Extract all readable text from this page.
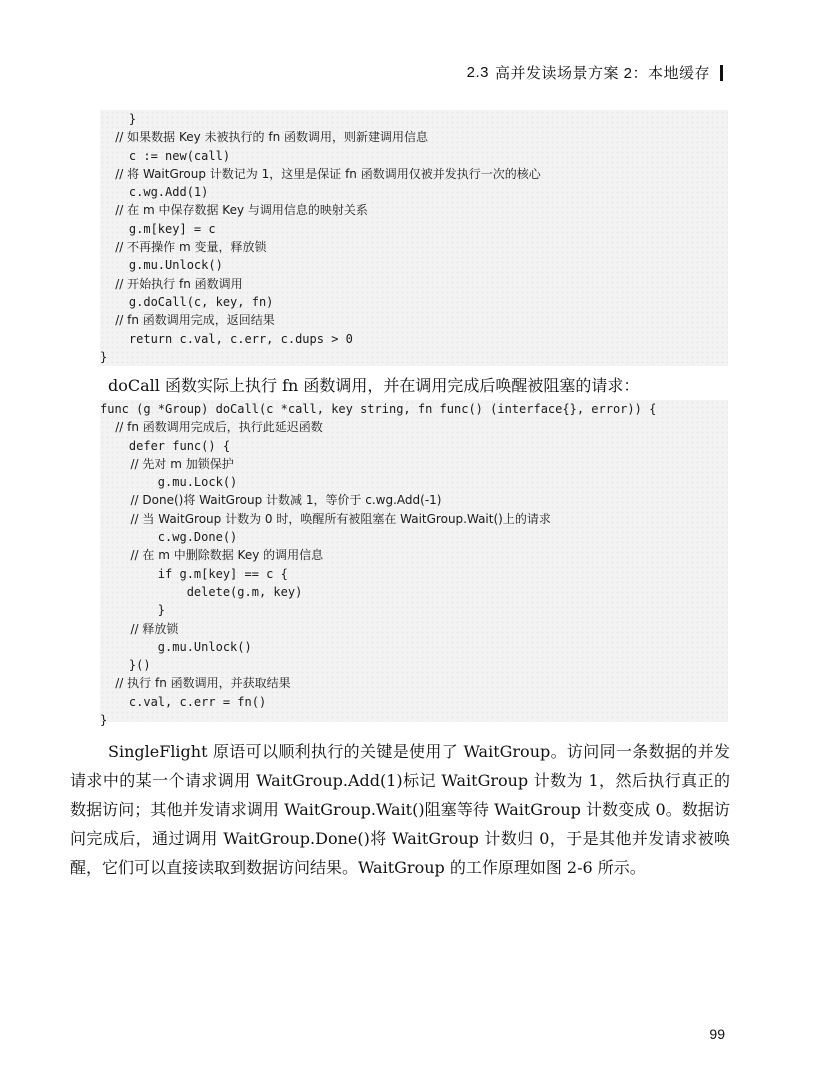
2.3 高并发读场景方案 2：本地缓存
}
// 如果数据 Key 未被执行的 fn 函数调用，则新建调用信息
c := new(call)
// 将 WaitGroup 计数记为 1，这里是保证 fn 函数调用仅被并发执行一次的核心
c.wg.Add(1)
// 在 m 中保存数据 Key 与调用信息的映射关系
g.m[key] = c
// 不再操作 m 变量，释放锁
g.mu.Unlock()
// 开始执行 fn 函数调用
g.doCall(c, key, fn)
// fn 函数调用完成，返回结果
return c.val, c.err, c.dups > 0
}
doCall 函数实际上执行 fn 函数调用，并在调用完成后唤醒被阻塞的请求：
func (g *Group) doCall(c *call, key string, fn func() (interface{}, error)) {
// fn 函数调用完成后，执行此延迟函数
defer func() {
// 先对 m 加锁保护
g.mu.Lock()
// Done()将 WaitGroup 计数减 1，等价于 c.wg.Add(-1)
// 当 WaitGroup 计数为 0 时，唤醒所有被阻塞在 WaitGroup.Wait()上的请求
c.wg.Done()
// 在 m 中删除数据 Key 的调用信息
if g.m[key] == c {
delete(g.m, key)
}
// 释放锁
g.mu.Unlock()
}()
// 执行 fn 函数调用，并获取结果
c.val, c.err = fn()
}
SingleFlight 原语可以顺利执行的关键是使用了 WaitGroup。访问同一条数据的并发请求中的某一个请求调用 WaitGroup.Add(1)标记 WaitGroup 计数为 1，然后执行真正的数据访问；其他并发请求调用 WaitGroup.Wait()阻塞等待 WaitGroup 计数变成 0。数据访问完成后，通过调用 WaitGroup.Done()将 WaitGroup 计数归 0，于是其他并发请求被唤醒，它们可以直接读取到数据访问结果。WaitGroup 的工作原理如图 2-6 所示。
99
